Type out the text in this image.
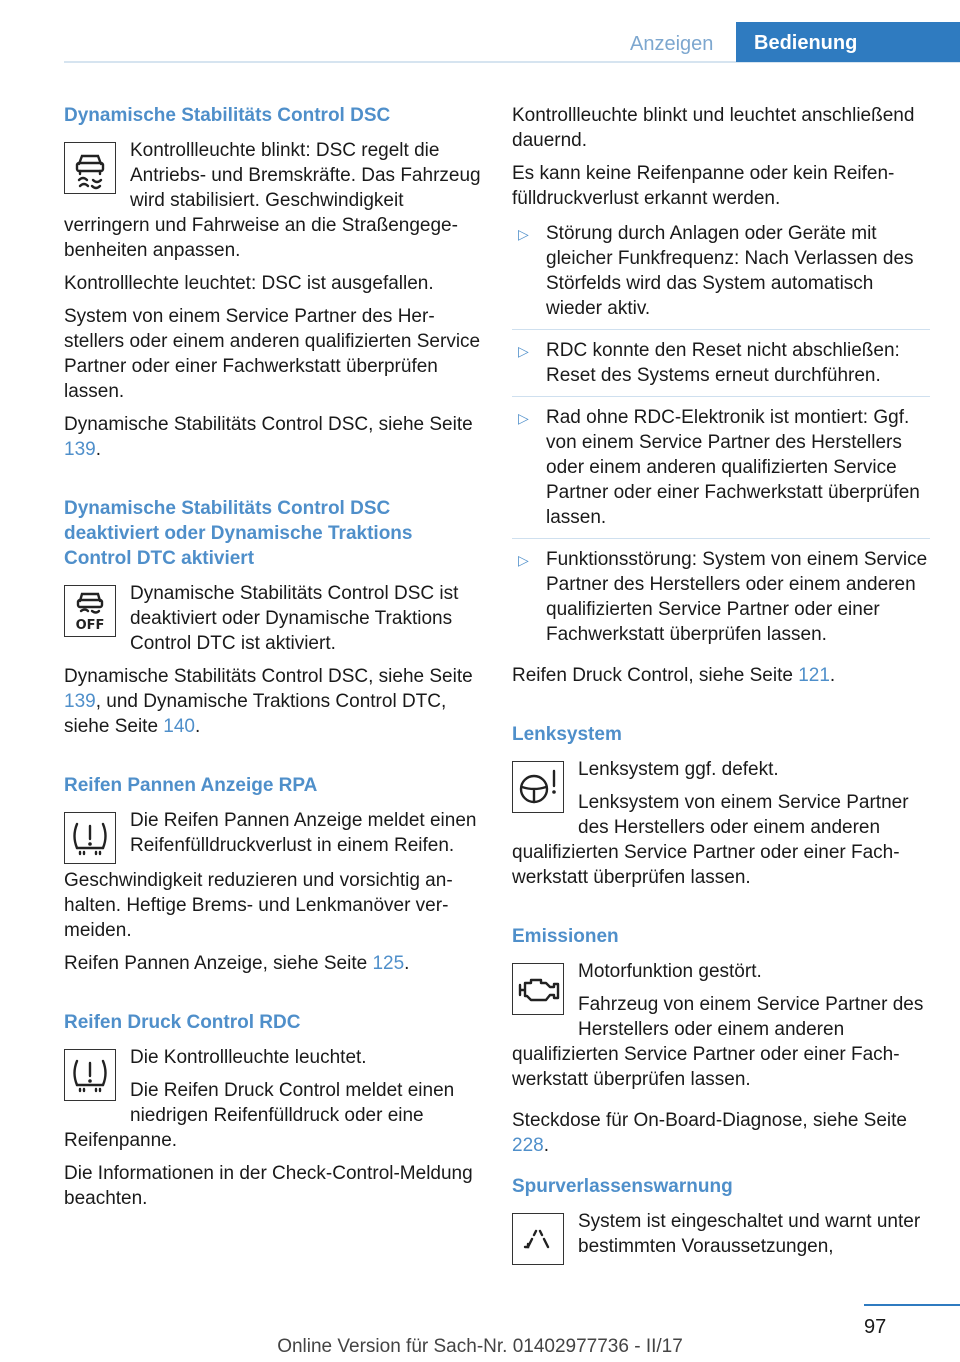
Anzeigen	Bedienung
Dynamische Stabilitäts Control DSC

Kontrollleuchte blinkt: DSC regelt die Antriebs- und Bremskräfte. Das Fahrzeug wird stabilisiert. Geschwindigkeit verringern und Fahrweise an die Straßengegebenheiten anpassen.

Kontrolllechte leuchtet: DSC ist ausgefallen.

System von einem Service Partner des Herstellers oder einem anderen qualifizierten Service Partner oder einer Fachwerkstatt überprüfen lassen.

Dynamische Stabilitäts Control DSC, siehe Seite 139.

Dynamische Stabilitäts Control DSC deaktiviert oder Dynamische Traktions Control DTC aktiviert
OFF

Dynamische Stabilitäts Control DSC ist deaktiviert oder Dynamische Traktions Control DTC ist aktiviert.

Dynamische Stabilitäts Control DSC, siehe Seite 139, und Dynamische Traktions Control DTC, siehe Seite 140.

Reifen Pannen Anzeige RPA

Die Reifen Pannen Anzeige meldet einen Reifenfülldruckverlust in einem Reifen.

Geschwindigkeit reduzieren und vorsichtig anhalten. Heftige Brems- und Lenkmanöver vermeiden.

Reifen Pannen Anzeige, siehe Seite 125.

Reifen Druck Control RDC

Die Kontrollleuchte leuchtet.

Die Reifen Druck Control meldet einen niedrigen Reifenfülldruck oder eine Reifenpanne.

Die Informationen in der Check-Control-Meldung beachten.

Kontrollleuchte blinkt und leuchtet anschließend dauernd.

Es kann keine Reifenpanne oder kein Reifenfülldruckverlust erkannt werden.

▷ Störung durch Anlagen oder Geräte mit gleicher Funkfrequenz: Nach Verlassen des Störfelds wird das System automatisch wieder aktiv.
▷ RDC konnte den Reset nicht abschließen: Reset des Systems erneut durchführen.
▷ Rad ohne RDC-Elektronik ist montiert: Ggf. von einem Service Partner des Herstellers oder einem anderen qualifizierten Service Partner oder einer Fachwerkstatt überprüfen lassen.
▷ Funktionsstörung: System von einem Service Partner des Herstellers oder einem anderen qualifizierten Service Partner oder einer Fachwerkstatt überprüfen lassen.

Reifen Druck Control, siehe Seite 121.

Lenksystem

Lenksystem ggf. defekt.

Lenksystem von einem Service Partner des Herstellers oder einem anderen qualifizierten Service Partner oder einer Fachwerkstatt überprüfen lassen.

Emissionen

Motorfunktion gestört.

Fahrzeug von einem Service Partner des Herstellers oder einem anderen qualifizierten Service Partner oder einer Fachwerkstatt überprüfen lassen.

Steckdose für On-Board-Diagnose, siehe Seite 228.

Spurverlassenswarnung

System ist eingeschaltet und warnt unter bestimmten Voraussetzungen,

97
Online Version für Sach-Nr. 01402977736 - II/17
